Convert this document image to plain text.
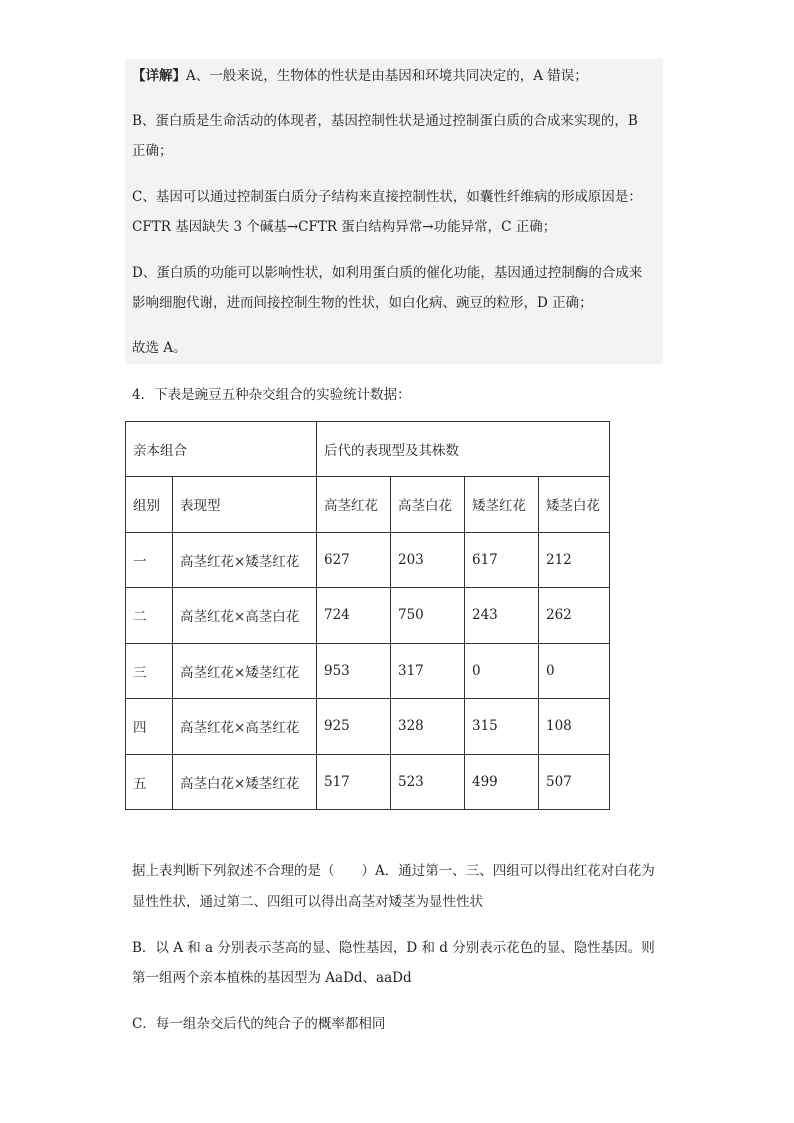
【详解】A、一般来说，生物体的性状是由基因和环境共同决定的，A 错误；

B、蛋白质是生命活动的体现者，基因控制性状是通过控制蛋白质的合成来实现的，B

正确；

C、基因可以通过控制蛋白质分子结构来直接控制性状，如囊性纤维病的形成原因是：

CFTR 基因缺失 3 个碱基→CFTR 蛋白结构异常→功能异常，C 正确；

D、蛋白质的功能可以影响性状，如利用蛋白质的催化功能，基因通过控制酶的合成来

影响细胞代谢，进而间接控制生物的性状，如白化病、豌豆的粒形，D 正确；

故选 A。

4．下表是豌豆五种杂交组合的实验统计数据：
亲本组合		后代的表现型及其株数			
组别	表现型	高茎红花	高茎白花	矮茎红花	矮茎白花
一	高茎红花×矮茎红花	627	203	617	212
二	高茎红花×高茎白花	724	750	243	262
三	高茎红花×矮茎红花	953	317	0	0
四	高茎红花×高茎红花	925	328	315	108
五	高茎白花×矮茎红花	517	523	499	507

据上表判断下列叙述不合理的是（　　）A．通过第一、三、四组可以得出红花对白花为

显性性状，通过第二、四组可以得出高茎对矮茎为显性性状

B．以 A 和 a 分别表示茎高的显、隐性基因，D 和 d 分别表示花色的显、隐性基因。则

第一组两个亲本植株的基因型为 AaDd、aaDd

C．每一组杂交后代的纯合子的概率都相同
